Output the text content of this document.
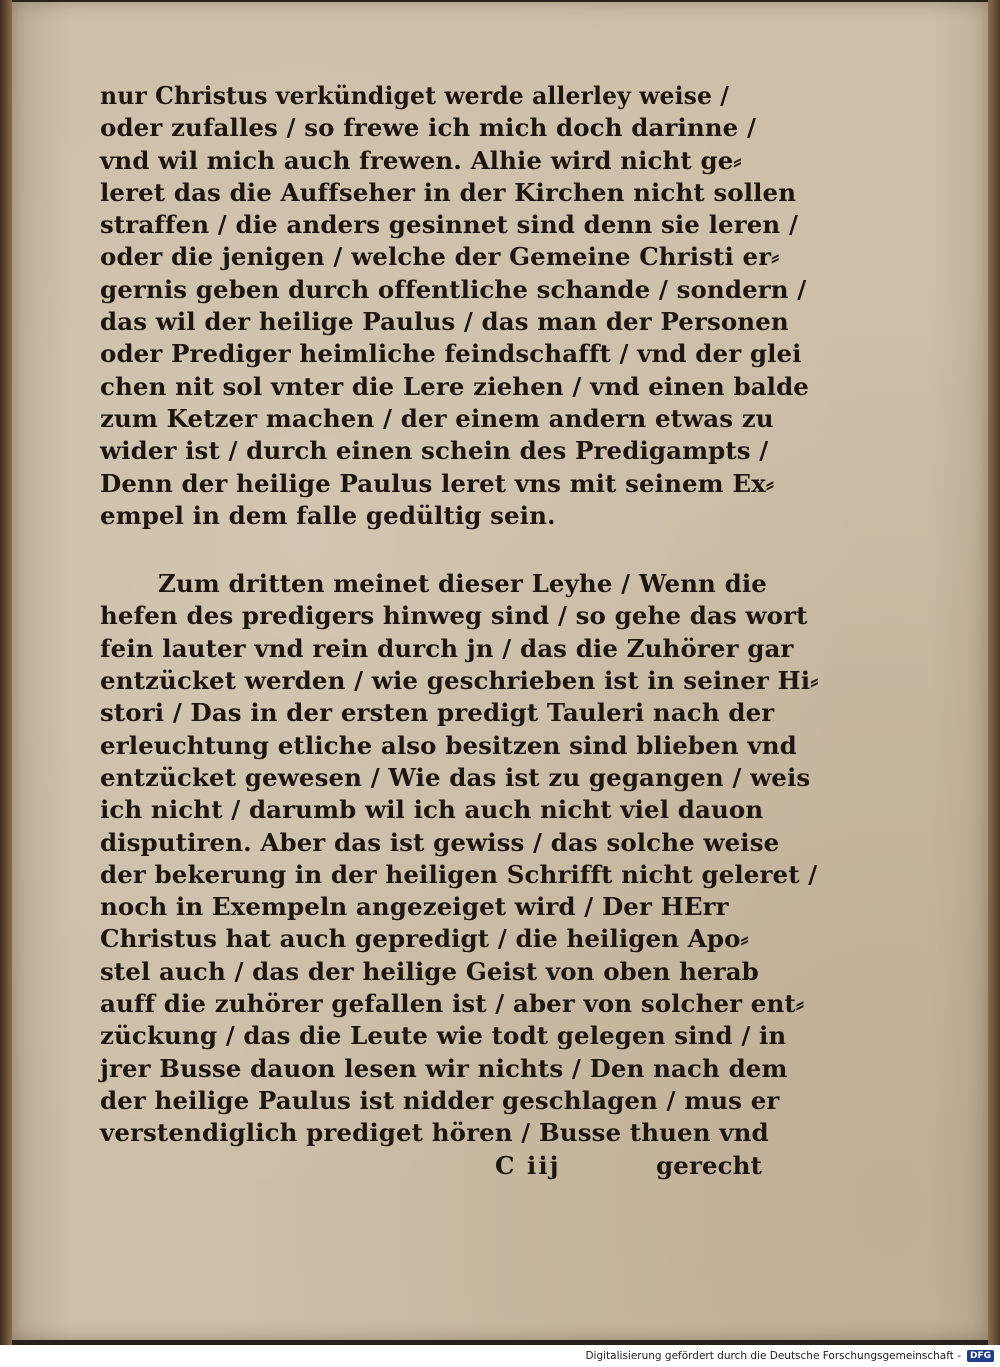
nur Christus verkündiget werde allerley weise /
oder zufalles / so frewe ich mich doch darinne /
vnd wil mich auch frewen. Alhie wird nicht ge⸗
leret das die Auffseher in der Kirchen nicht sollen
straffen / die anders gesinnet sind denn sie leren /
oder die jenigen / welche der Gemeine Christi er⸗
gernis geben durch offentliche schande / sondern /
das wil der heilige Paulus / das man der Personen
oder Prediger heimliche feindschafft / vnd der glei
chen nit sol vnter die Lere ziehen / vnd einen balde
zum Ketzer machen / der einem andern etwas zu
wider ist / durch einen schein des Predigampts /
Denn der heilige Paulus leret vns mit seinem Ex⸗
empel in dem falle gedültig sein.
Zum dritten meinet dieser Leyhe / Wenn die
hefen des predigers hinweg sind / so gehe das wort
fein lauter vnd rein durch jn / das die Zuhörer gar
entzücket werden / wie geschrieben ist in seiner Hi⸗
stori / Das in der ersten predigt Tauleri nach der
erleuchtung etliche also besitzen sind blieben vnd
entzücket gewesen / Wie das ist zu gegangen / weis
ich nicht / darumb wil ich auch nicht viel dauon
disputiren. Aber das ist gewiss / das solche weise
der bekerung in der heiligen Schrifft nicht geleret /
noch in Exempeln angezeiget wird / Der HErr
Christus hat auch gepredigt / die heiligen Apo⸗
stel auch / das der heilige Geist von oben herab
auff die zuhörer gefallen ist / aber von solcher ent⸗
zückung / das die Leute wie todt gelegen sind / in
jrer Busse dauon lesen wir nichts / Den nach dem
der heilige Paulus ist nidder geschlagen / mus er
verstendiglich prediget hören / Busse thuen vnd
C iij	gerecht
Digitalisierung gefördert durch die Deutsche Forschungsgemeinschaft -	DFG
